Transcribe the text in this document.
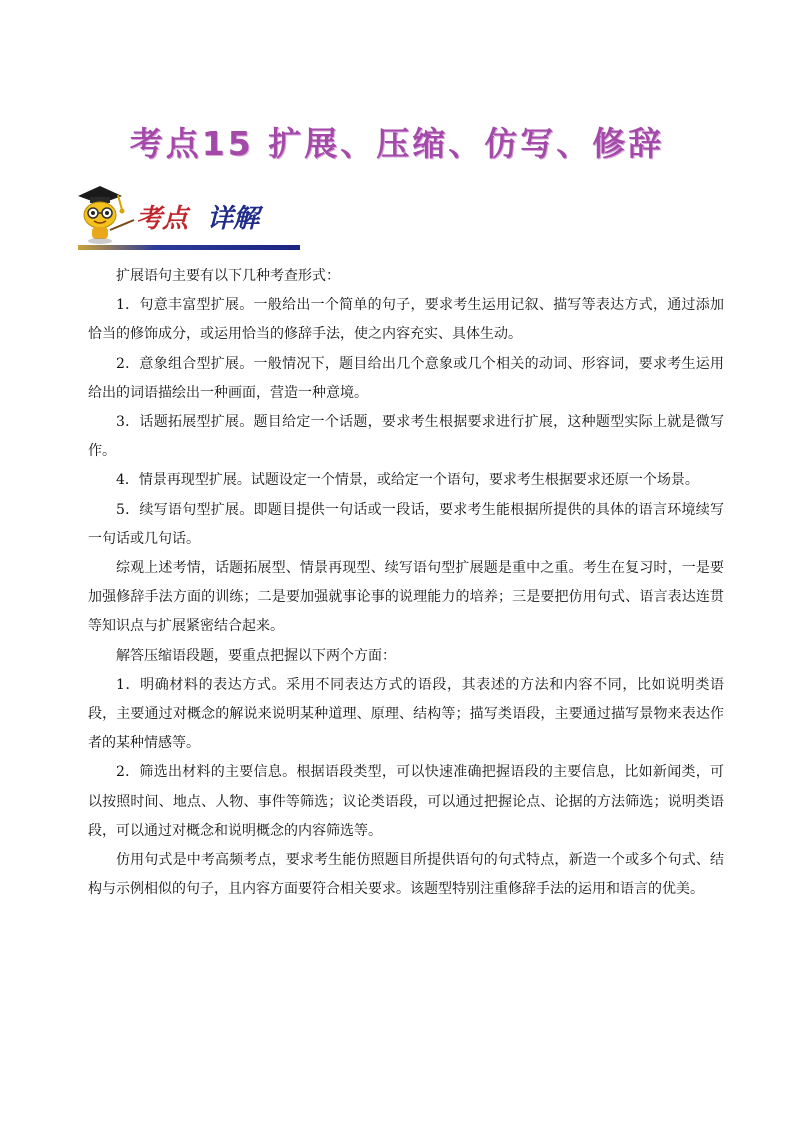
考点15 扩展、压缩、仿写、修辞
考点 详解

扩展语句主要有以下几种考查形式：

1．句意丰富型扩展。一般给出一个简单的句子，要求考生运用记叙、描写等表达方式，通过添加恰当的修饰成分，或运用恰当的修辞手法，使之内容充实、具体生动。

2．意象组合型扩展。一般情况下，题目给出几个意象或几个相关的动词、形容词，要求考生运用给出的词语描绘出一种画面，营造一种意境。

3．话题拓展型扩展。题目给定一个话题，要求考生根据要求进行扩展，这种题型实际上就是微写作。

4．情景再现型扩展。试题设定一个情景，或给定一个语句，要求考生根据要求还原一个场景。

5．续写语句型扩展。即题目提供一句话或一段话，要求考生能根据所提供的具体的语言环境续写一句话或几句话。

综观上述考情，话题拓展型、情景再现型、续写语句型扩展题是重中之重。考生在复习时，一是要加强修辞手法方面的训练；二是要加强就事论事的说理能力的培养；三是要把仿用句式、语言表达连贯等知识点与扩展紧密结合起来。

解答压缩语段题，要重点把握以下两个方面：

1．明确材料的表达方式。采用不同表达方式的语段，其表述的方法和内容不同，比如说明类语段，主要通过对概念的解说来说明某种道理、原理、结构等；描写类语段，主要通过描写景物来表达作者的某种情感等。

2．筛选出材料的主要信息。根据语段类型，可以快速准确把握语段的主要信息，比如新闻类，可以按照时间、地点、人物、事件等筛选；议论类语段，可以通过把握论点、论据的方法筛选；说明类语段，可以通过对概念和说明概念的内容筛选等。

仿用句式是中考高频考点，要求考生能仿照题目所提供语句的句式特点，新造一个或多个句式、结构与示例相似的句子，且内容方面要符合相关要求。该题型特别注重修辞手法的运用和语言的优美。
